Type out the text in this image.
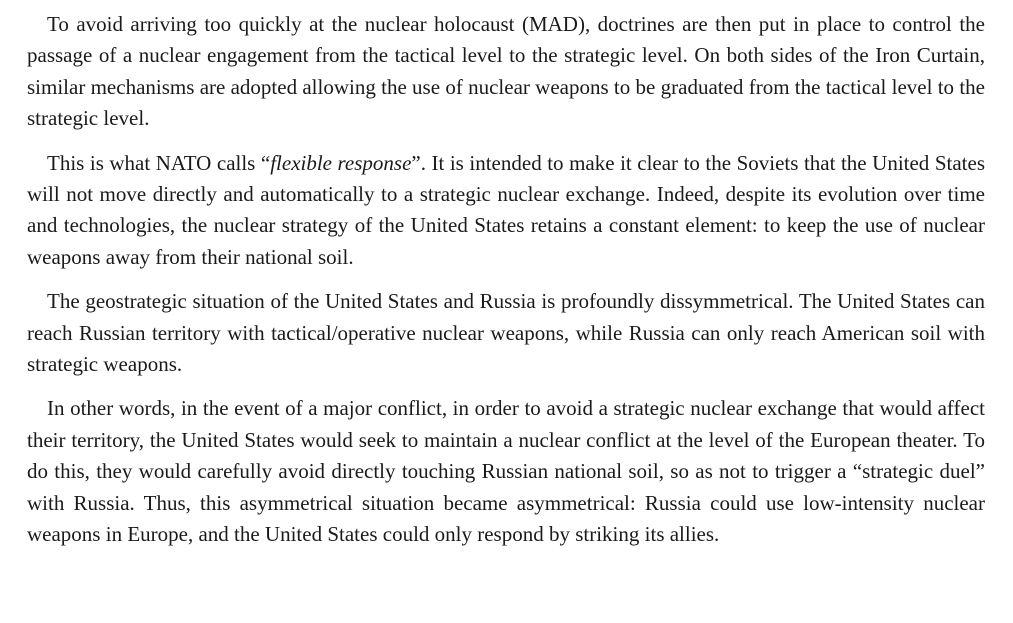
To avoid arriving too quickly at the nuclear holocaust (MAD), doctrines are then put in place to control the passage of a nuclear engagement from the tactical level to the strategic level. On both sides of the Iron Curtain, similar mechanisms are adopted allowing the use of nuclear weapons to be graduated from the tactical level to the strategic level.

This is what NATO calls “flexible response”. It is intended to make it clear to the Soviets that the United States will not move directly and automatically to a strategic nuclear exchange. Indeed, despite its evolution over time and technologies, the nuclear strategy of the United States retains a constant element: to keep the use of nuclear weapons away from their national soil.

The geostrategic situation of the United States and Russia is profoundly dissymmetrical. The United States can reach Russian territory with tactical/operative nuclear weapons, while Russia can only reach American soil with strategic weapons.

In other words, in the event of a major conflict, in order to avoid a strategic nuclear exchange that would affect their territory, the United States would seek to maintain a nuclear conflict at the level of the European theater. To do this, they would carefully avoid directly touching Russian national soil, so as not to trigger a “strategic duel” with Russia. Thus, this asymmetrical situation became asymmetrical: Russia could use low-intensity nuclear weapons in Europe, and the United States could only respond by striking its allies.
